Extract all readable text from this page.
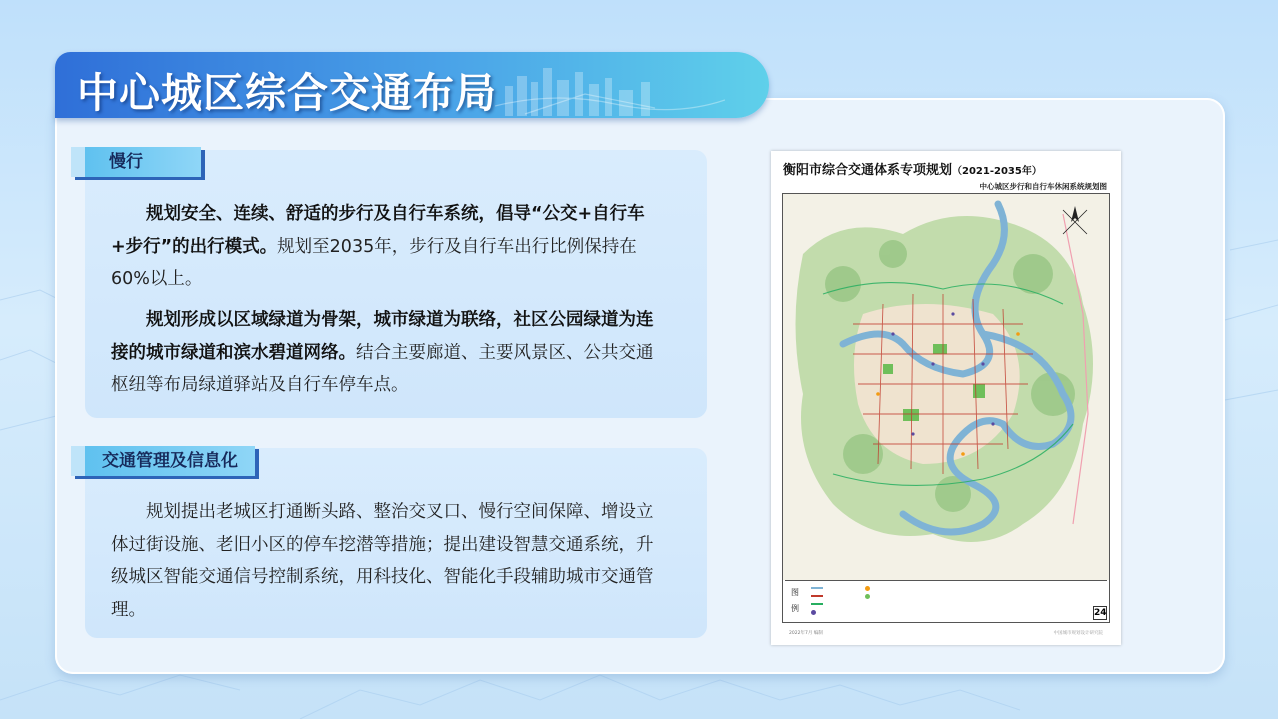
中心城区综合交通布局
慢行

规划安全、连续、舒适的步行及自行车系统，倡导“公交+自行车+步行”的出行模式。规划至2035年，步行及自行车出行比例保持在60%以上。

规划形成以区域绿道为骨架，城市绿道为联络，社区公园绿道为连接的城市绿道和滨水碧道网络。结合主要廊道、主要风景区、公共交通枢纽等布局绿道驿站及自行车停车点。

交通管理及信息化

规划提出老城区打通断头路、整治交叉口、慢行空间保障、增设立体过街设施、老旧小区的停车挖潜等措施；提出建设智慧交通系统，升级城区智能交通信号控制系统，用科技化、智能化手段辅助城市交通管理。

衡阳市综合交通体系专项规划（2021-2035年）
中心城区步行和自行车休闲系统规划图
图 例	24
2022年7月 编制	中国城市规划设计研究院
